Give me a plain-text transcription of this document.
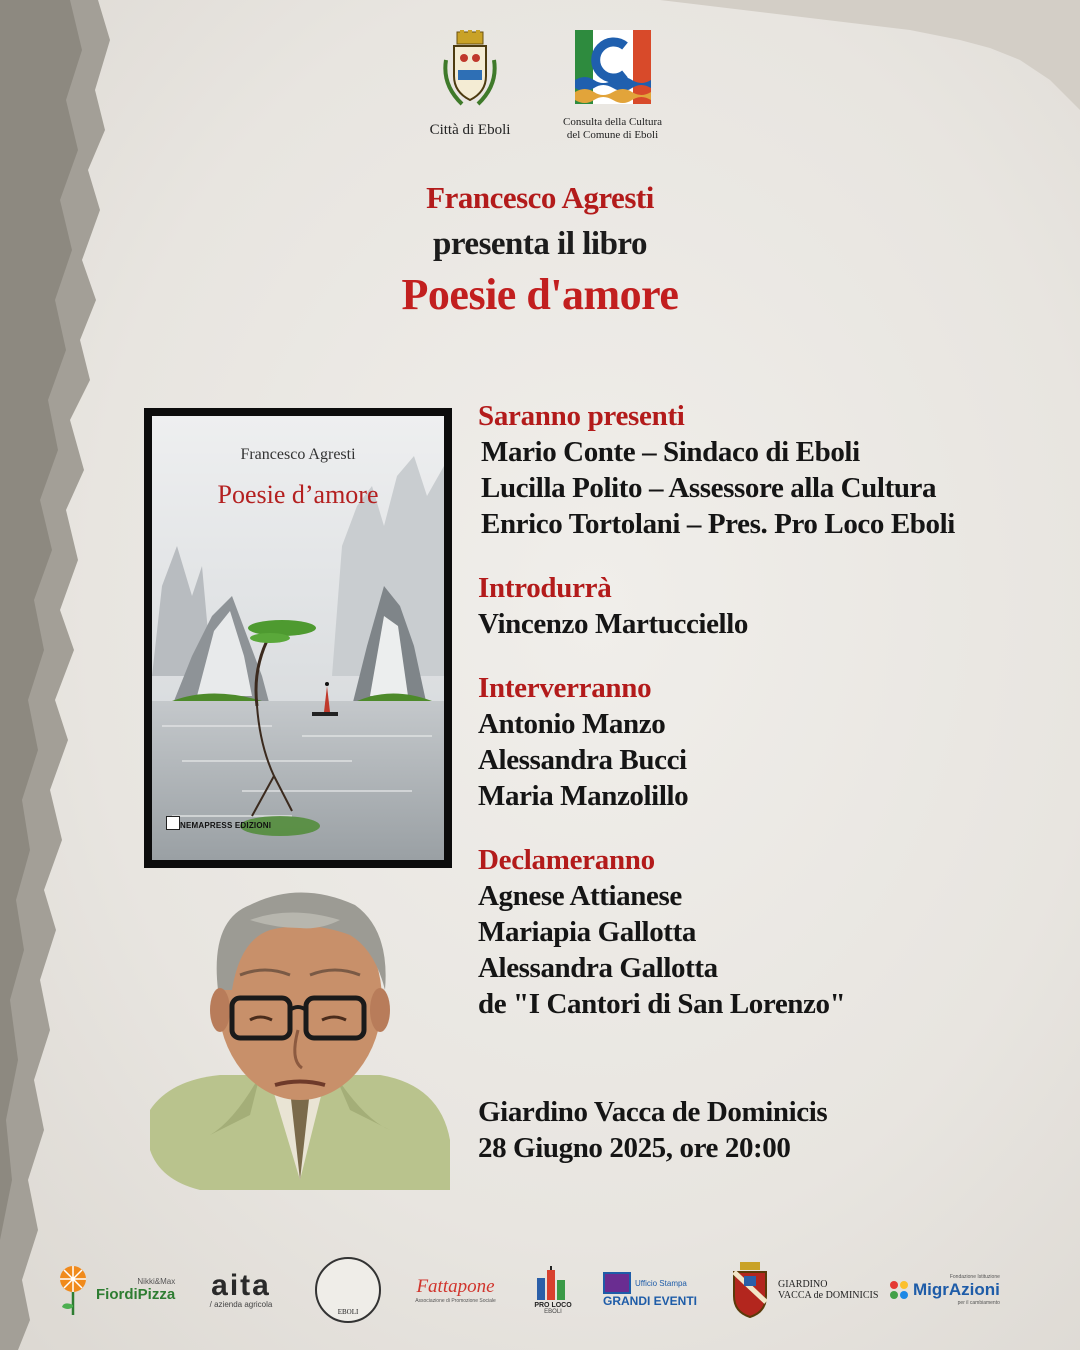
Città di Eboli	Consulta della Cultura
del Comune di Eboli
Francesco Agresti
presenta il libro
Poesie d'amore
Francesco Agresti
Poesie d’amore
NEMAPRESS EDIZIONI
Saranno presenti
Mario Conte – Sindaco di Eboli
Lucilla Polito – Assessore alla Cultura
Enrico Tortolani – Pres. Pro Loco Eboli
Introdurrà
Vincenzo Martucciello
Interverranno
Antonio Manzo
Alessandra Bucci
Maria Manzolillo
Declameranno
Agnese Attianese
Mariapia Gallotta
Alessandra Gallotta
de "I Cantori di San Lorenzo"
Giardino Vacca de Dominicis
28 Giugno 2025, ore 20:00
Nikki&Max
FiordiPizza aita
/ azienda agricola
EBOLI
Fattapone
Associazione di Promozione Sociale
PRO LOCO
EBOLI
Ufficio Stampa
GRANDI EVENTI
GIARDINO
VACCA de DOMINICIS
Fondazione Istituzione
MigrAzioni
per il cambiamento
